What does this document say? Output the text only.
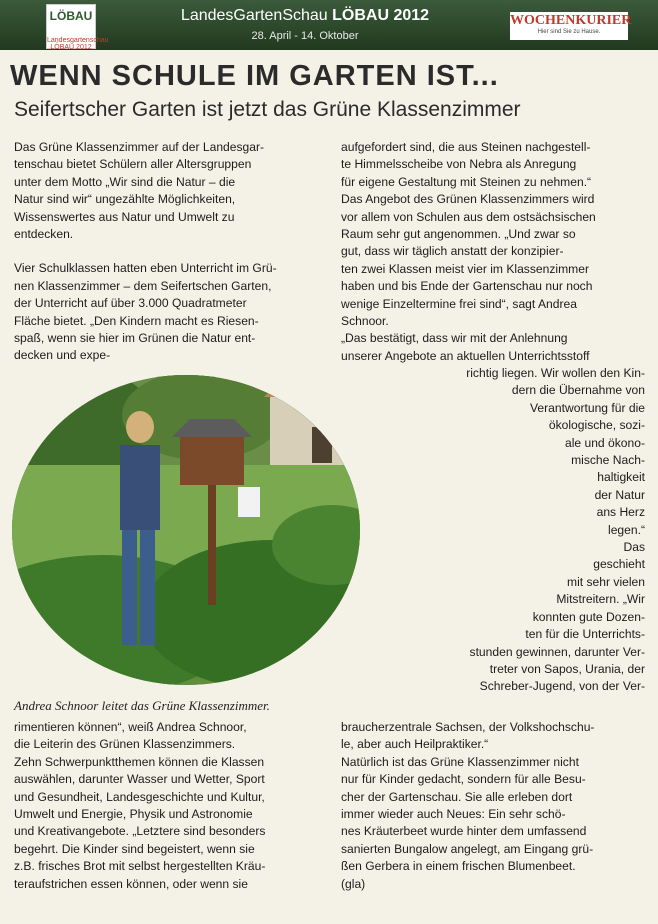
LÖBAU
Landesgartenschau LÖBAU 2012
LandesGartenSchau LÖBAU 2012
28. April - 14. Oktober
WOCHENKURIER
Hier sind Sie zu Hause.
WENN SCHULE IM GARTEN IST...
Seifertscher Garten ist jetzt das Grüne Klassenzimmer

Das Grüne Klassenzimmer auf der Landesgar-

tenschau bietet Schülern aller Altersgruppen

unter dem Motto „Wir sind die Natur – die

Natur sind wir“ ungezählte Möglichkeiten,

Wissenswertes aus Natur und Umwelt zu

entdecken.

Vier Schulklassen hatten eben Unterricht im Grü-

nen Klassenzimmer – dem Seifertschen Garten,

der Unterricht auf über 3.000 Quadratmeter

Fläche bietet. „Den Kindern macht es Riesen-

spaß, wenn sie hier im Grünen die Natur ent-

decken und expe-

aufgefordert sind, die aus Steinen nachgestell-

te Himmelsscheibe von Nebra als Anregung

für eigene Gestaltung mit Steinen zu nehmen.“

Das Angebot des Grünen Klassenzimmers wird

vor allem von Schulen aus dem ostsächsischen

Raum sehr gut angenommen. „Und zwar so

gut, dass wir täglich anstatt der konzipier-

ten zwei Klassen meist vier im Klassenzimmer

haben und bis Ende der Gartenschau nur noch

wenige Einzeltermine frei sind“, sagt Andrea

Schnoor.

„Das bestätigt, dass wir mit der Anlehnung

unserer Angebote an aktuellen Unterrichtsstoff

richtig liegen. Wir wollen den Kin-

dern die Übernahme von

Verantwortung für die

ökologische, sozi-

ale und ökono-

mische Nach-

haltigkeit

der Natur

ans Herz

legen.“

Das

geschieht

mit sehr vielen

Mitstreitern. „Wir

konnten gute Dozen-

ten für die Unterrichts-

stunden gewinnen, darunter Ver-

treter von Sapos, Urania, der

Schreber-Jugend, von der Ver-

rimentieren können“, weiß Andrea Schnoor,

die Leiterin des Grünen Klassenzimmers.

Zehn Schwerpunktthemen können die Klassen

auswählen, darunter Wasser und Wetter, Sport

und Gesundheit, Landesgeschichte und Kultur,

Umwelt und Energie, Physik und Astronomie

und Kreativangebote. „Letztere sind besonders

begehrt. Die Kinder sind begeistert, wenn sie

z.B. frisches Brot mit selbst hergestellten Kräu-

teraufstrichen essen können, oder wenn sie

braucherzentrale Sachsen, der Volkshochschu-

le, aber auch Heilpraktiker.“

Natürlich ist das Grüne Klassenzimmer nicht

nur für Kinder gedacht, sondern für alle Besu-

cher der Gartenschau. Sie alle erleben dort

immer wieder auch Neues: Ein sehr schö-

nes Kräuterbeet wurde hinter dem umfassend

sanierten Bungalow angelegt, am Eingang grü-

ßen Gerbera in einem frischen Blumenbeet.

(gla)

Andrea Schnoor leitet das Grüne Klassenzimmer.
